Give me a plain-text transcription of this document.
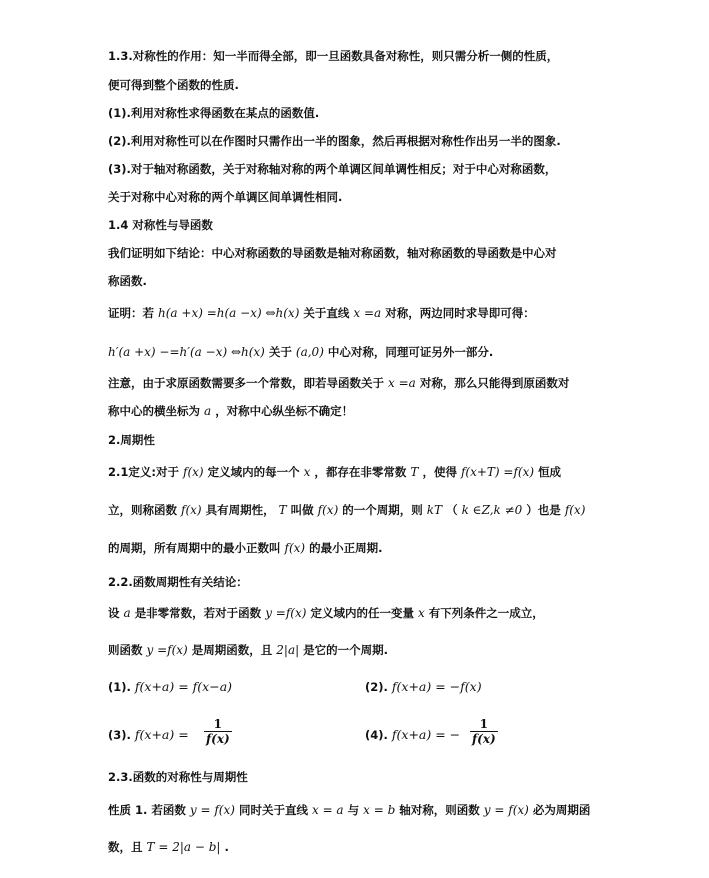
1.3.对称性的作用：知一半而得全部，即一旦函数具备对称性，则只需分析一侧的性质，
便可得到整个函数的性质.
(1).利用对称性求得函数在某点的函数值.
(2).利用对称性可以在作图时只需作出一半的图象，然后再根据对称性作出另一半的图象.
(3).对于轴对称函数，关于对称轴对称的两个单调区间单调性相反；对于中心对称函数，
关于对称中心对称的两个单调区间单调性相同.
1.4 对称性与导函数
我们证明如下结论：中心对称函数的导函数是轴对称函数，轴对称函数的导函数是中心对
称函数.
证明：若 h(a +x) =h(a −x) ⇔h(x) 关于直线 x =a 对称，两边同时求导即可得：
h′(a +x) −=h′(a −x) ⇔h(x) 关于 (a,0) 中心对称，同理可证另外一部分.
注意，由于求原函数需要多一个常数，即若导函数关于 x =a 对称，那么只能得到原函数对
称中心的横坐标为 a ，对称中心纵坐标不确定！
2.周期性
2.1定义:对于 f(x) 定义域内的每一个 x ，都存在非零常数 T ，使得 f(x+T) =f(x) 恒成
立，则称函数 f(x) 具有周期性， T 叫做 f(x) 的一个周期，则 kT （ k ∈Z,k ≠0 ）也是 f(x)
的周期，所有周期中的最小正数叫 f(x) 的最小正周期.
2.2.函数周期性有关结论：
设 a 是非零常数，若对于函数 y =f(x) 定义域内的任一变量 x 有下列条件之一成立，
则函数 y =f(x) 是周期函数，且 2|a| 是它的一个周期.
(1). f(x+a) = f(x−a)	(2). f(x+a) = −f(x)
(3). $f(x+a) = \frac{1}{f(x)}$	(4). f(x+a) = − $\frac{1}{f(x)}$
2.3.函数的对称性与周期性
性质 1. 若函数 y = f(x) 同时关于直线 x = a 与 x = b 轴对称，则函数 y = f(x) 必为周期函
数，且 T = 2|a − b| .
